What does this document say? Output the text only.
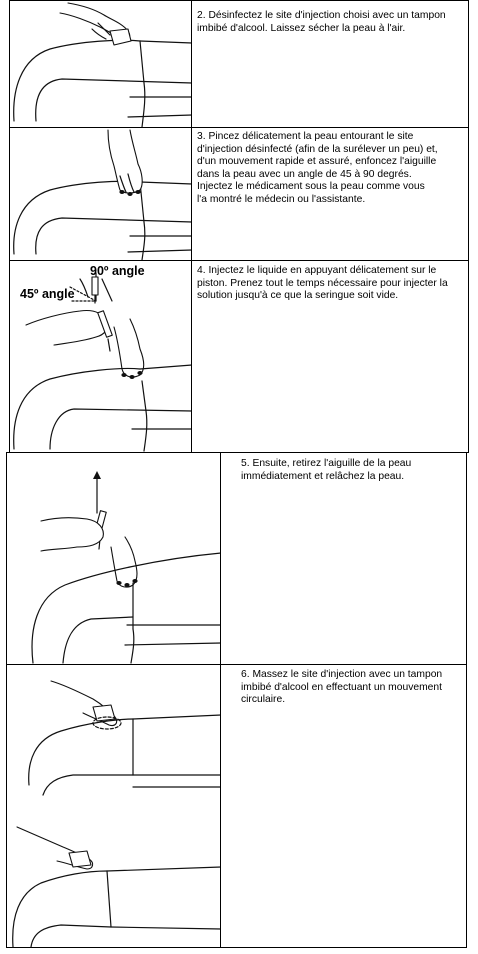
2. Désinfectez le site d'injection choisi avec un tampon
imbibé d'alcool. Laissez sécher la peau à l'air.
3. Pincez délicatement la peau entourant le site
d'injection désinfecté (afin de la surélever un peu) et,
d'un mouvement rapide et assuré, enfoncez l'aiguille
dans la peau avec un angle de 45 à 90 degrés.
Injectez le médicament sous la peau comme vous
l'a montré le médecin ou l'assistante.
90º angle
45º angle
4. Injectez le liquide en appuyant délicatement sur le
piston. Prenez tout le temps nécessaire pour injecter la
solution jusqu'à ce que la seringue soit vide.
5. Ensuite, retirez l'aiguille de la peau
immédiatement et relâchez la peau.
6. Massez le site d'injection avec un tampon
imbibé d'alcool en effectuant un mouvement
circulaire.
